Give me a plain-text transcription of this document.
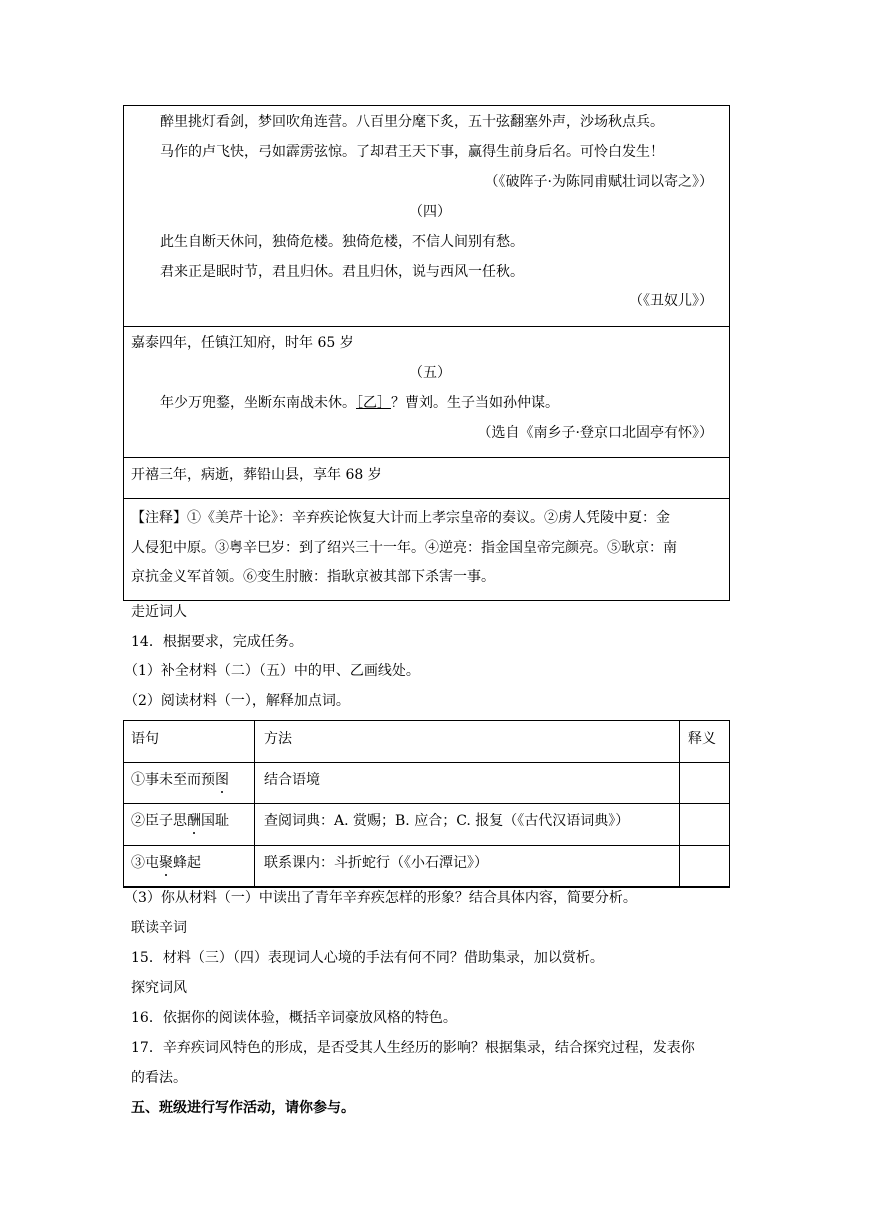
醉里挑灯看剑，梦回吹角连营。八百里分麾下炙，五十弦翻塞外声，沙场秋点兵。
马作的卢飞快，弓如霹雳弦惊。了却君王天下事，赢得生前身后名。可怜白发生！
（《破阵子·为陈同甫赋壮词以寄之》）
（四）
此生自断天休问，独倚危楼。独倚危楼，不信人间别有愁。
君来正是眠时节，君且归休。君且归休，说与西风一任秋。
（《丑奴儿》）
嘉泰四年，任镇江知府，时年 65 岁
（五）
年少万兜鍪，坐断东南战未休。［乙］？曹刘。生子当如孙仲谋。
（选自《南乡子·登京口北固亭有怀》）
开禧三年，病逝，葬铅山县，享年 68 岁
【注释】①《美芹十论》：辛弃疾论恢复大计而上孝宗皇帝的奏议。②虏人凭陵中夏：金
人侵犯中原。③粤辛巳岁：到了绍兴三十一年。④逆亮：指金国皇帝完颜亮。⑤耿京：南
京抗金义军首领。⑥变生肘腋：指耿京被其部下杀害一事。
走近词人
14．根据要求，完成任务。
（1）补全材料（二）（五）中的甲、乙画线处。
（2）阅读材料（一），解释加点词。
语句	方法	释义
①事未至而预图	结合语境
②臣子思酬国耻	查阅词典：A. 赏赐；B. 应合；C. 报复（《古代汉语词典》）
③屯聚蜂起	联系课内：斗折蛇行（《小石潭记》）
（3）你从材料（一）中读出了青年辛弃疾怎样的形象？结合具体内容，简要分析。
联读辛词
15．材料（三）（四）表现词人心境的手法有何不同？借助集录，加以赏析。
探究词风
16．依据你的阅读体验，概括辛词豪放风格的特色。
17．辛弃疾词风特色的形成，是否受其人生经历的影响？根据集录，结合探究过程，发表你
的看法。
五、班级进行写作活动，请你参与。
